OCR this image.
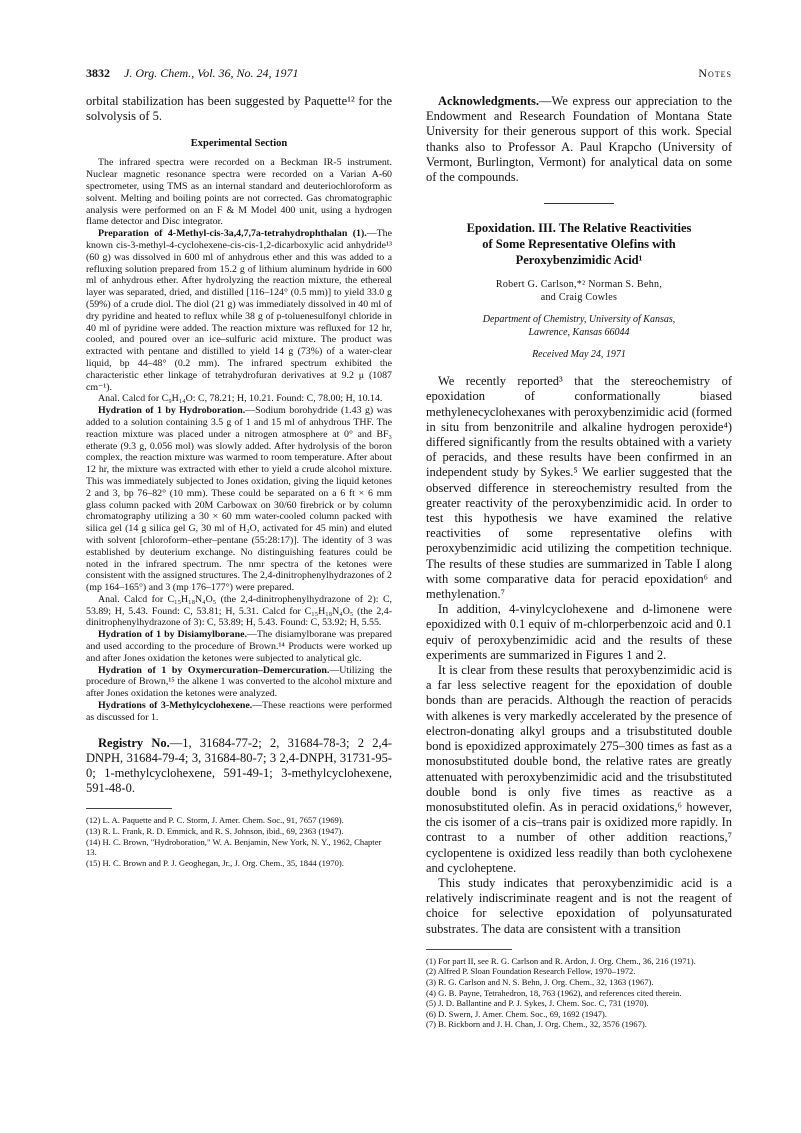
3832 J. Org. Chem., Vol. 36, No. 24, 1971	Notes

orbital stabilization has been suggested by Paquette¹² for the solvolysis of 5.

Experimental Section

The infrared spectra were recorded on a Beckman IR-5 instrument. Nuclear magnetic resonance spectra were recorded on a Varian A-60 spectrometer, using TMS as an internal standard and deuteriochloroform as solvent. Melting and boiling points are not corrected. Gas chromatographic analysis were performed on an F & M Model 400 unit, using a hydrogen flame detector and Disc integrator.

Preparation of 4-Methyl-cis-3a,4,7,7a-tetrahydrophthalan (1).—The known cis-3-methyl-4-cyclohexene-cis-cis-1,2-dicarboxylic acid anhydride¹³ (60 g) was dissolved in 600 ml of anhydrous ether and this was added to a refluxing solution prepared from 15.2 g of lithium aluminum hydride in 600 ml of anhydrous ether. After hydrolyzing the reaction mixture, the ethereal layer was separated, dried, and distilled [116–124° (0.5 mm)] to yield 33.0 g (59%) of a crude diol. The diol (21 g) was immediately dissolved in 40 ml of dry pyridine and heated to reflux while 38 g of p-toluenesulfonyl chloride in 40 ml of pyridine were added. The reaction mixture was refluxed for 12 hr, cooled, and poured over an ice–sulfuric acid mixture. The product was extracted with pentane and distilled to yield 14 g (73%) of a water-clear liquid, bp 44–48° (0.2 mm). The infrared spectrum exhibited the characteristic ether linkage of tetrahydrofuran derivatives at 9.2 μ (1087 cm⁻¹).

Anal. Calcd for C₉H₁₄O: C, 78.21; H, 10.21. Found: C, 78.00; H, 10.14.

Hydration of 1 by Hydroboration.—Sodium borohydride (1.43 g) was added to a solution containing 3.5 g of 1 and 15 ml of anhydrous THF. The reaction mixture was placed under a nitrogen atmosphere at 0° and BF₃ etherate (9.3 g, 0.056 mol) was slowly added. After hydrolysis of the boron complex, the reaction mixture was warmed to room temperature. After about 12 hr, the mixture was extracted with ether to yield a crude alcohol mixture. This was immediately subjected to Jones oxidation, giving the liquid ketones 2 and 3, bp 76–82° (10 mm). These could be separated on a 6 ft × 6 mm glass column packed with 20M Carbowax on 30/60 firebrick or by column chromatography utilizing a 30 × 60 mm water-cooled column packed with silica gel (14 g silica gel G, 30 ml of H₂O, activated for 45 min) and eluted with solvent [chloroform–ether–pentane (55:28:17)]. The identity of 3 was established by deuterium exchange. No distinguishing features could be noted in the infrared spectrum. The nmr spectra of the ketones were consistent with the assigned structures. The 2,4-dinitrophenylhydrazones of 2 (mp 164–165°) and 3 (mp 176–177°) were prepared.

Anal. Calcd for C₁₅H₁₈N₄O₅ (the 2,4-dinitrophenylhydrazone of 2): C, 53.89; H, 5.43. Found: C, 53.81; H, 5.31. Calcd for C₁₅H₁₈N₄O₅ (the 2,4-dinitrophenylhydrazone of 3): C, 53.89; H, 5.43. Found: C, 53.92; H, 5.55.

Hydration of 1 by Disiamylborane.—The disiamylborane was prepared and used according to the procedure of Brown.¹⁴ Products were worked up and after Jones oxidation the ketones were subjected to analytical glc.

Hydration of 1 by Oxymercuration–Demercuration.—Utilizing the procedure of Brown,¹⁵ the alkene 1 was converted to the alcohol mixture and after Jones oxidation the ketones were analyzed.

Hydrations of 3-Methylcyclohexene.—These reactions were performed as discussed for 1.

Registry No.—1, 31684-77-2; 2, 31684-78-3; 2 2,4-DNPH, 31684-79-4; 3, 31684-80-7; 3 2,4-DNPH, 31731-95-0; 1-methylcyclohexene, 591-49-1; 3-methylcyclohexene, 591-48-0.

(12) L. A. Paquette and P. C. Storm, J. Amer. Chem. Soc., 91, 7657 (1969).

(13) R. L. Frank, R. D. Emmick, and R. S. Johnson, ibid., 69, 2363 (1947).

(14) H. C. Brown, "Hydroboration," W. A. Benjamin, New York, N. Y., 1962, Chapter 13.

(15) H. C. Brown and P. J. Geoghegan, Jr., J. Org. Chem., 35, 1844 (1970).

Acknowledgments.—We express our appreciation to the Endowment and Research Foundation of Montana State University for their generous support of this work. Special thanks also to Professor A. Paul Krapcho (University of Vermont, Burlington, Vermont) for analytical data on some of the compounds.

Epoxidation. III. The Relative Reactivities
of Some Representative Olefins with
Peroxybenzimidic Acid¹
Robert G. Carlson,*² Norman S. Behn,
and Craig Cowles
Department of Chemistry, University of Kansas,
Lawrence, Kansas 66044
Received May 24, 1971

We recently reported³ that the stereochemistry of epoxidation of conformationally biased methylenecyclohexanes with peroxybenzimidic acid (formed in situ from benzonitrile and alkaline hydrogen peroxide⁴) differed significantly from the results obtained with a variety of peracids, and these results have been confirmed in an independent study by Sykes.⁵ We earlier suggested that the observed difference in stereochemistry resulted from the greater reactivity of the peroxybenzimidic acid. In order to test this hypothesis we have examined the relative reactivities of some representative olefins with peroxybenzimidic acid utilizing the competition technique. The results of these studies are summarized in Table I along with some comparative data for peracid epoxidation⁶ and methylenation.⁷

In addition, 4-vinylcyclohexene and d-limonene were epoxidized with 0.1 equiv of m-chlorperbenzoic acid and 0.1 equiv of peroxybenzimidic acid and the results of these experiments are summarized in Figures 1 and 2.

It is clear from these results that peroxybenzimidic acid is a far less selective reagent for the epoxidation of double bonds than are peracids. Although the reaction of peracids with alkenes is very markedly accelerated by the presence of electron-donating alkyl groups and a trisubstituted double bond is epoxidized approximately 275–300 times as fast as a monosubstituted double bond, the relative rates are greatly attenuated with peroxybenzimidic acid and the trisubstituted double bond is only five times as reactive as a monosubstituted olefin. As in peracid oxidations,⁶ however, the cis isomer of a cis–trans pair is oxidized more rapidly. In contrast to a number of other addition reactions,⁷ cyclopentene is oxidized less readily than both cyclohexene and cycloheptene.

This study indicates that peroxybenzimidic acid is a relatively indiscriminate reagent and is not the reagent of choice for selective epoxidation of polyunsaturated substrates. The data are consistent with a transition

(1) For part II, see R. G. Carlson and R. Ardon, J. Org. Chem., 36, 216 (1971).

(2) Alfred P. Sloan Foundation Research Fellow, 1970–1972.

(3) R. G. Carlson and N. S. Behn, J. Org. Chem., 32, 1363 (1967).

(4) G. B. Payne, Tetrahedron, 18, 763 (1962), and references cited therein.

(5) J. D. Ballantine and P. J. Sykes, J. Chem. Soc. C, 731 (1970).

(6) D. Swern, J. Amer. Chem. Soc., 69, 1692 (1947).

(7) B. Rickborn and J. H. Chan, J. Org. Chem., 32, 3576 (1967).
